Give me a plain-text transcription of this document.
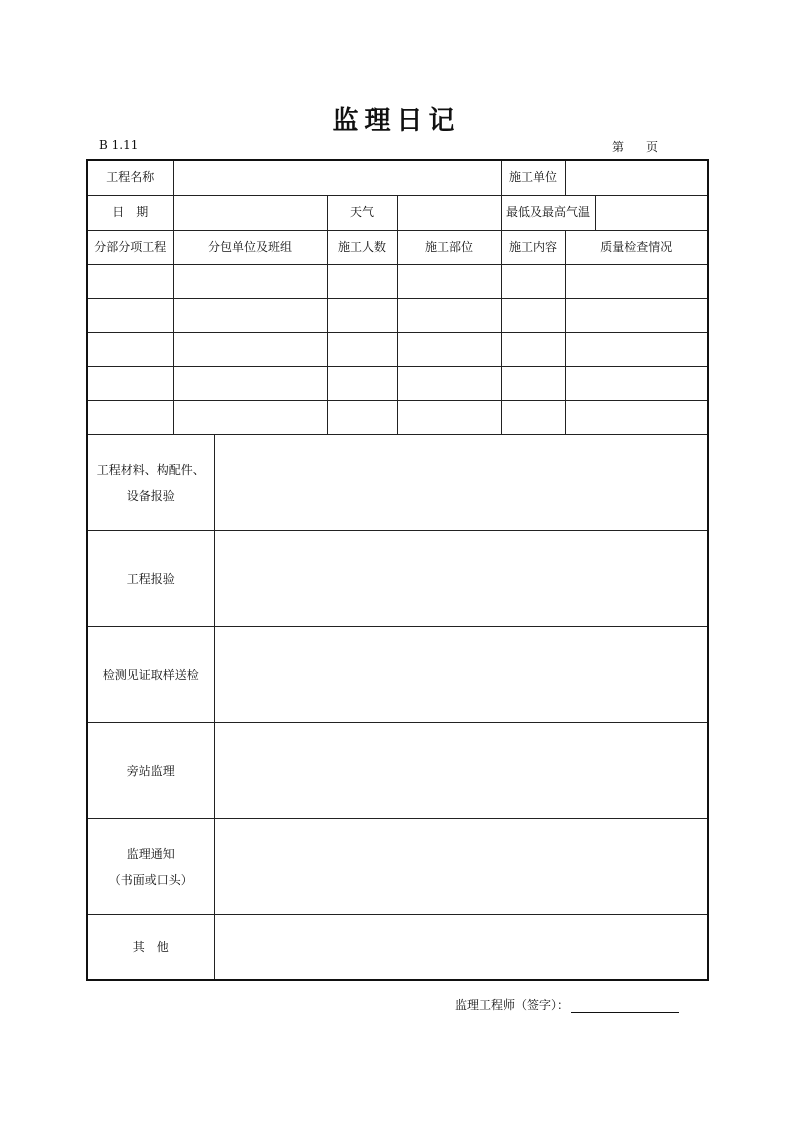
监理日记
B 1.11	第 页
工程名称				施工单位	
日　期		天气		最低及最高气温	

分部分项工程	分包单位及班组	施工人数	施工部位	施工内容	质量检查情况

工程材料、构配件、
设备报验	

工程报验	

检测见证取样送检	

旁站监理	

监理通知
（书面或口头）	

其　他	

监理工程师（签字）：
